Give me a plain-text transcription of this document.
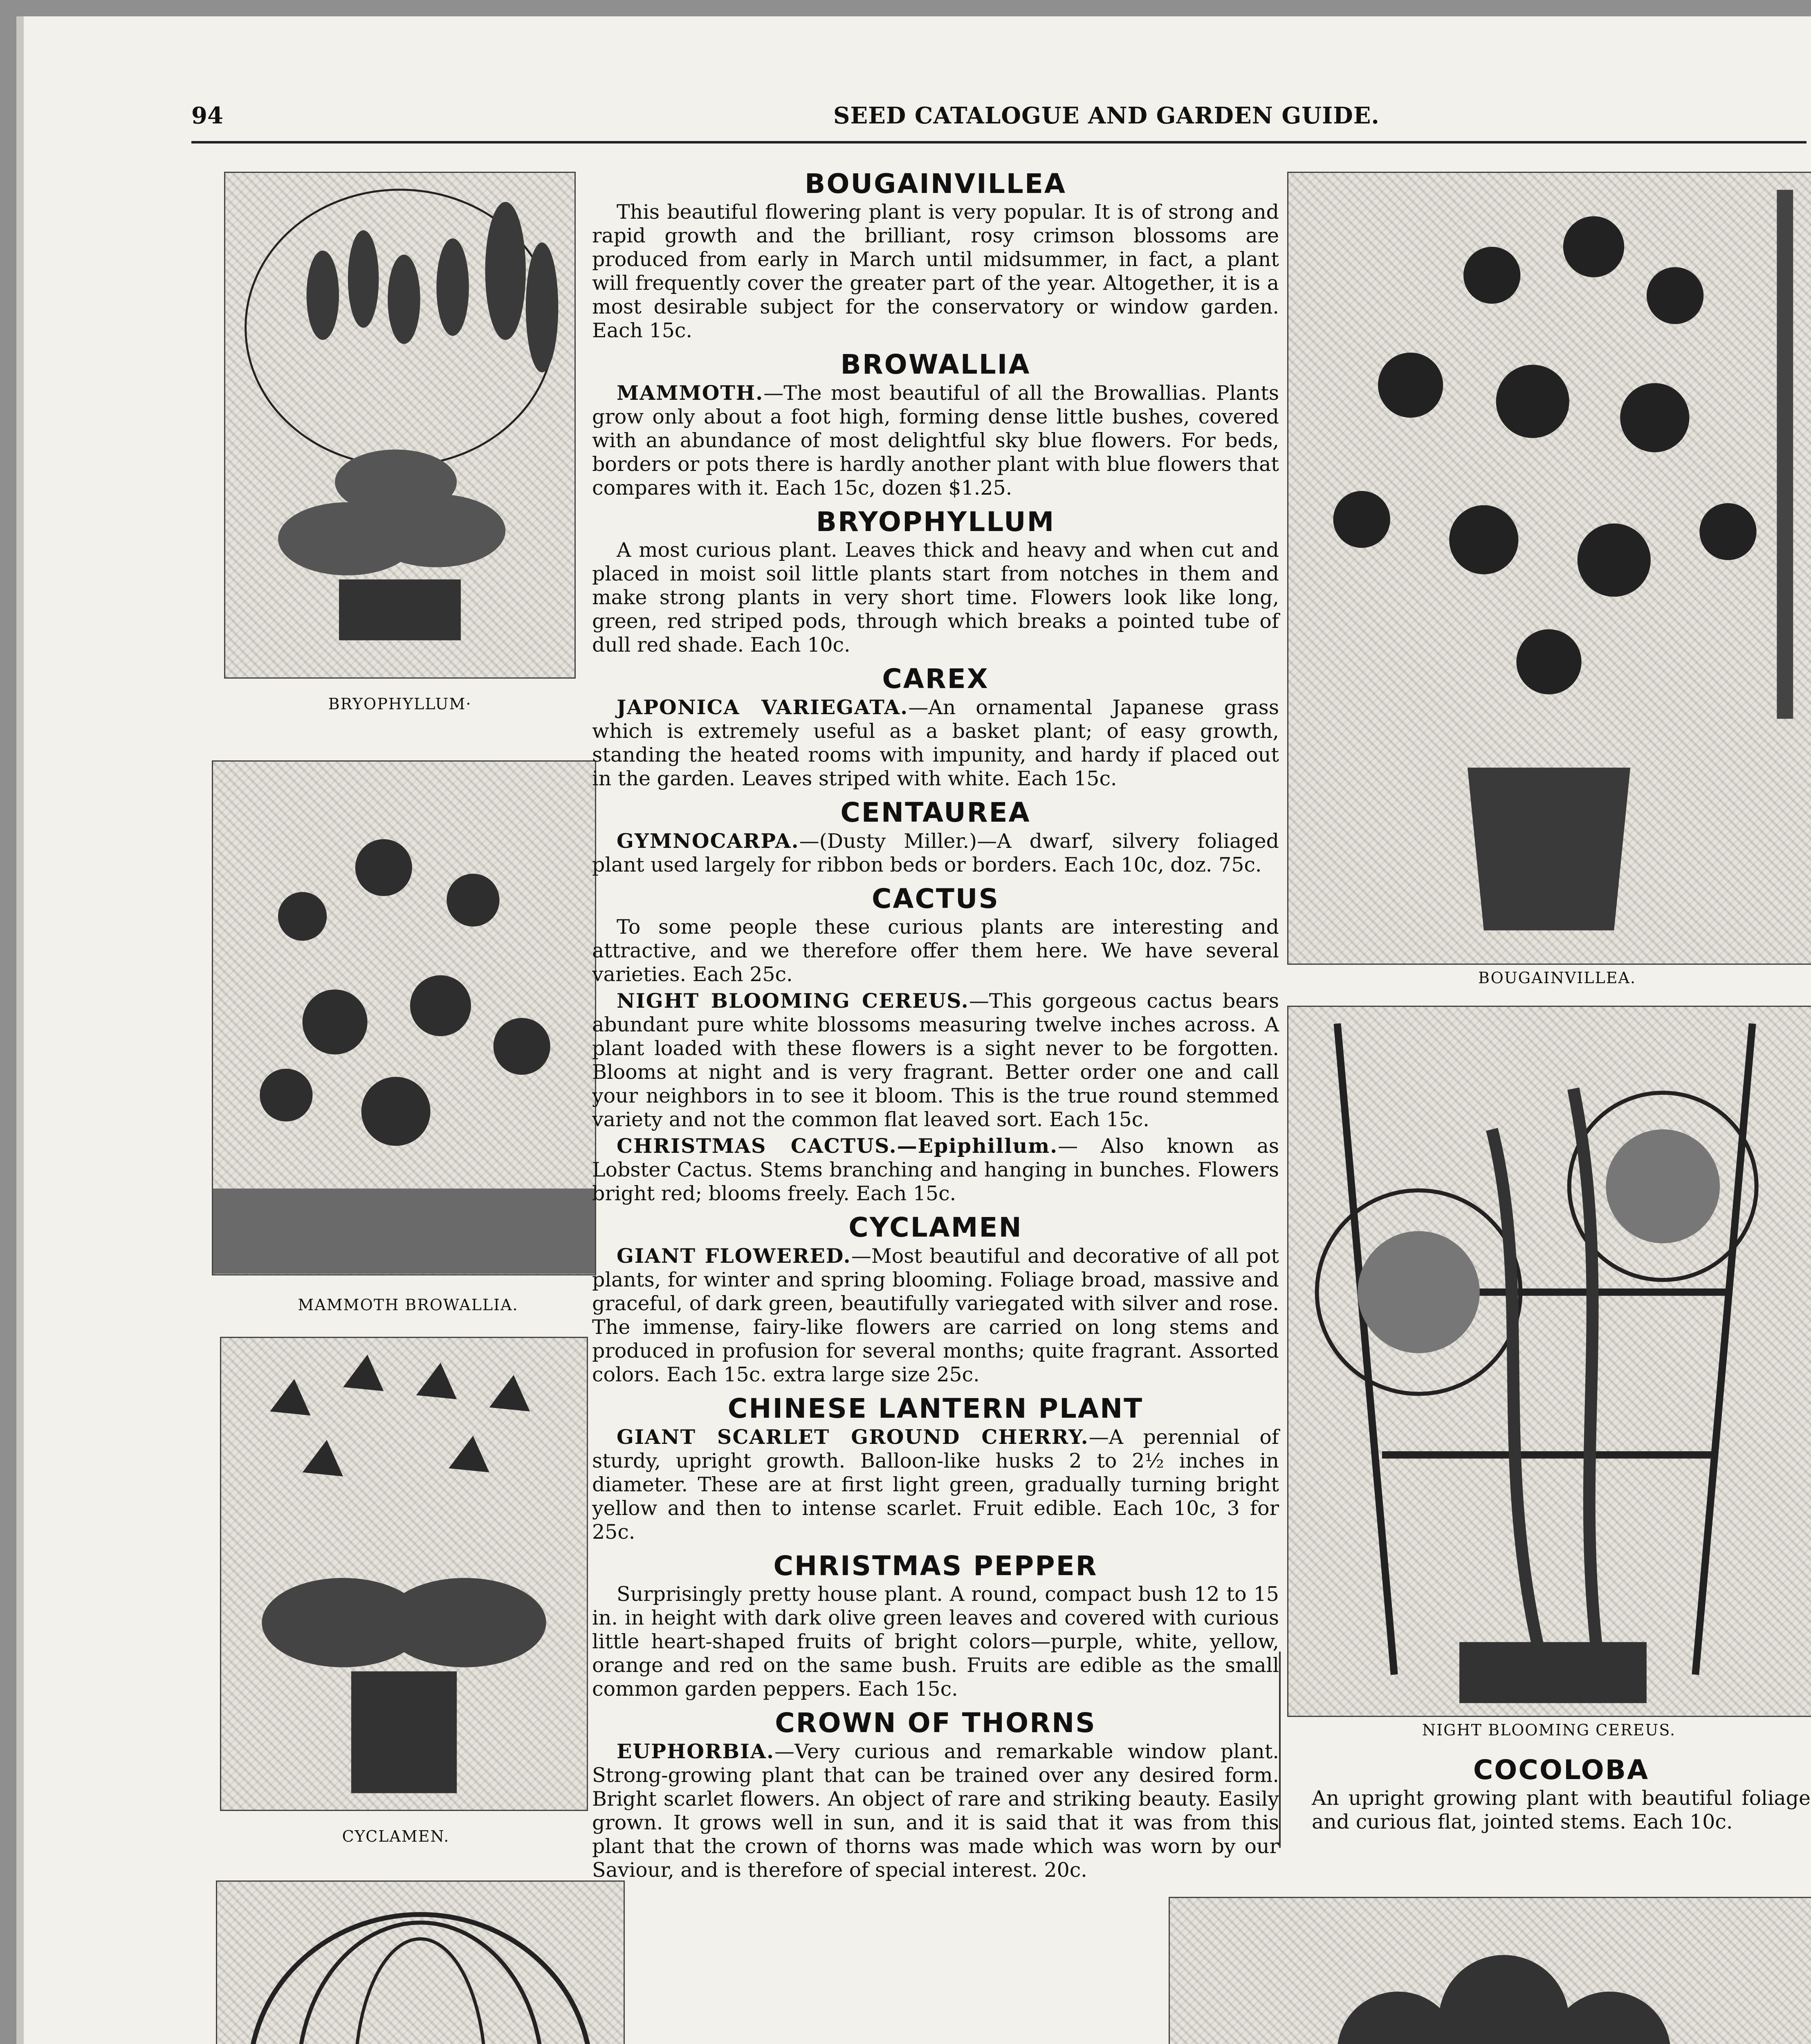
94	SEED CATALOGUE AND GARDEN GUIDE.
BRYOPHYLLUM·
MAMMOTH BROWALLIA.
CYCLAMEN.
BOUGAINVILLEA.
NIGHT BLOOMING CEREUS.
BOUGAINVILLEA

This beautiful flowering plant is very popular. It is of strong and rapid growth and the brilliant, rosy crimson blossoms are produced from early in March until midsummer, in fact, a plant will frequently cover the greater part of the year. Altogether, it is a most desirable subject for the conservatory or window garden. Each 15c.

BROWALLIA

MAMMOTH.—The most beautiful of all the Browallias. Plants grow only about a foot high, forming dense little bushes, covered with an abundance of most delightful sky blue flowers. For beds, borders or pots there is hardly another plant with blue flowers that compares with it. Each 15c, dozen $1.25.

BRYOPHYLLUM

A most curious plant. Leaves thick and heavy and when cut and placed in moist soil little plants start from notches in them and make strong plants in very short time. Flowers look like long, green, red striped pods, through which breaks a pointed tube of dull red shade. Each 10c.

CAREX

JAPONICA VARIEGATA.—An ornamental Japanese grass which is extremely useful as a basket plant; of easy growth, standing the heated rooms with impunity, and hardy if placed out in the garden. Leaves striped with white. Each 15c.

CENTAUREA

GYMNOCARPA.—(Dusty Miller.)—A dwarf, silvery foliaged plant used largely for ribbon beds or borders. Each 10c, doz. 75c.

CACTUS

To some people these curious plants are interesting and attractive, and we therefore offer them here. We have several varieties. Each 25c.

NIGHT BLOOMING CEREUS.—This gorgeous cactus bears abundant pure white blossoms measuring twelve inches across. A plant loaded with these flowers is a sight never to be forgotten. Blooms at night and is very fragrant. Better order one and call your neighbors in to see it bloom. This is the true round stemmed variety and not the common flat leaved sort. Each 15c.

CHRISTMAS CACTUS.—Epiphillum.— Also known as Lobster Cactus. Stems branching and hanging in bunches. Flowers bright red; blooms freely. Each 15c.

CYCLAMEN

GIANT FLOWERED.—Most beautiful and decorative of all pot plants, for winter and spring blooming. Foliage broad, massive and graceful, of dark green, beautifully variegated with silver and rose. The immense, fairy-like flowers are carried on long stems and produced in profusion for several months; quite fragrant. Assorted colors. Each 15c. extra large size 25c.

CHINESE LANTERN PLANT

GIANT SCARLET GROUND CHERRY.—A perennial of sturdy, upright growth. Balloon-like husks 2 to 2½ inches in diameter. These are at first light green, gradually turning bright yellow and then to intense scarlet. Fruit edible. Each 10c, 3 for 25c.

CHRISTMAS PEPPER

Surprisingly pretty house plant. A round, compact bush 12 to 15 in. in height with dark olive green leaves and covered with curious little heart-shaped fruits of bright colors—purple, white, yellow, orange and red on the same bush. Fruits are edible as the small common garden peppers. Each 15c.

CROWN OF THORNS

EUPHORBIA.—Very curious and remarkable window plant. Strong-growing plant that can be trained over any desired form. Bright scarlet flowers. An object of rare and striking beauty. Easily grown. It grows well in sun, and it is said that it was from this plant that the crown of thorns was made which was worn by our Saviour, and is therefore of special interest. 20c.

COCOLOBA

An upright growing plant with beautiful foliage and curious flat, jointed stems. Each 10c.
